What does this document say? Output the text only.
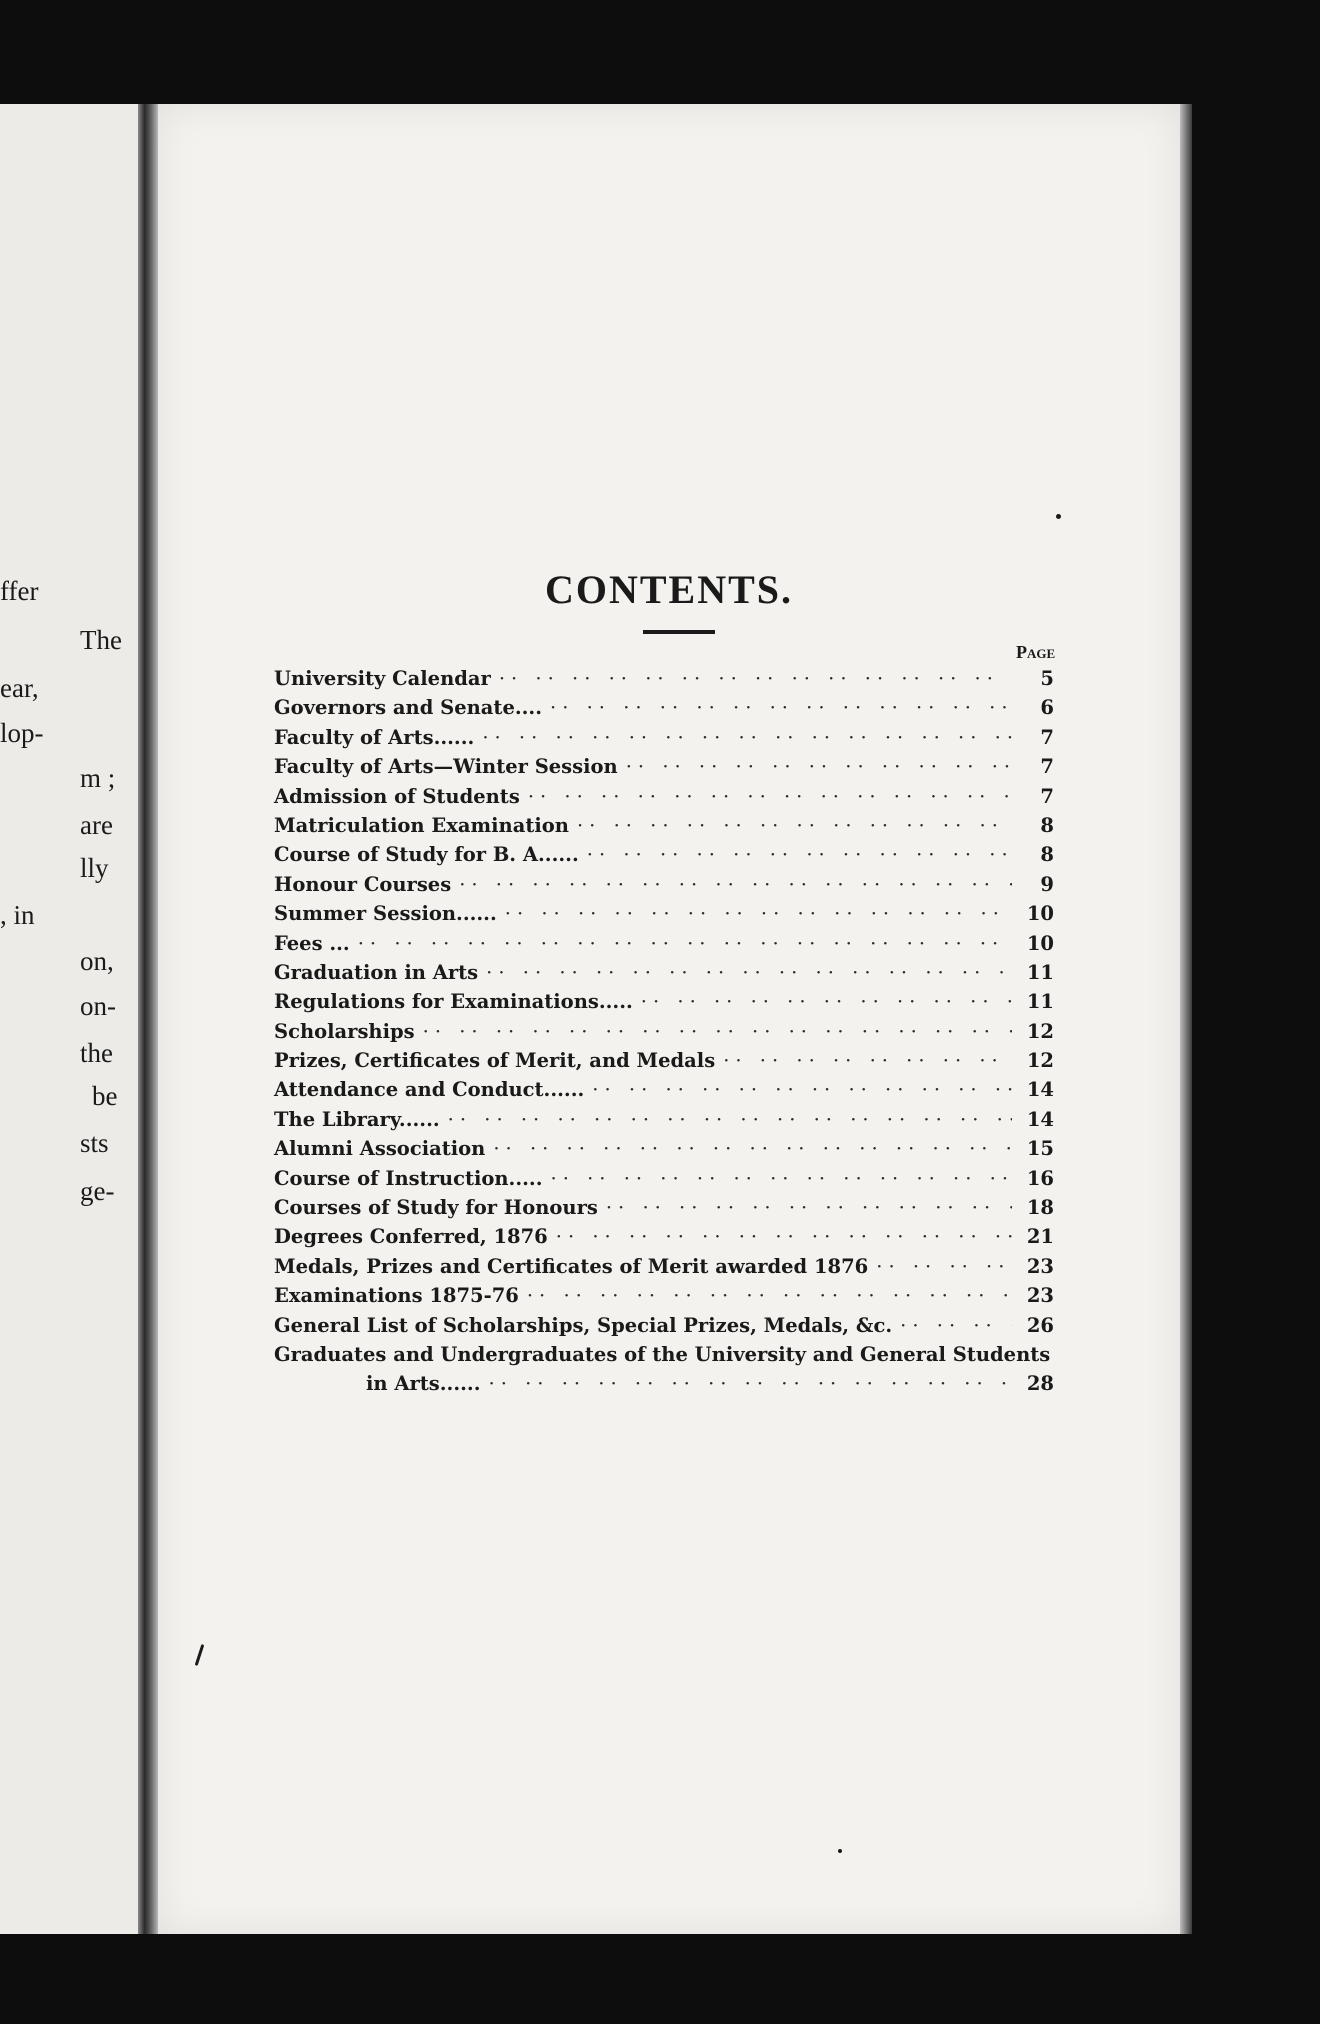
ffer
The
ear,
lop-
m ;
are
lly
, in
on,
on-
the
be
sts
ge-
CONTENTS.
Page
University Calendar ·· ··	5
Governors and Senate.... ·· ··	6
Faculty of Arts...... ·· ··	7
Faculty of Arts—Winter Session ·· ··	7
Admission of Students ·· ··	7
Matriculation Examination ·· ··	8
Course of Study for B. A...... ·· ··	8
Honour Courses ·· ··	9
Summer Session...... ·· ··	10
Fees ... ·· ··	10
Graduation in Arts ·· ··	11
Regulations for Examinations..... ·· ··	11
Scholarships ·· ··	12
Prizes, Certificates of Merit, and Medals ·· ··	12
Attendance and Conduct...... ·· ··	14
The Library...... ·· ··	14
Alumni Association ·· ··	15
Course of Instruction..... ·· ··	16
Courses of Study for Honours ·· ··	18
Degrees Conferred, 1876 ·· ··	21
Medals, Prizes and Certificates of Merit awarded 1876 ·· ··	23
Examinations 1875-76 ·· ··	23
General List of Scholarships, Special Prizes, Medals, &c. ·· ··	26
Graduates and Undergraduates of the University and General Students
in Arts...... ·· ··	28
